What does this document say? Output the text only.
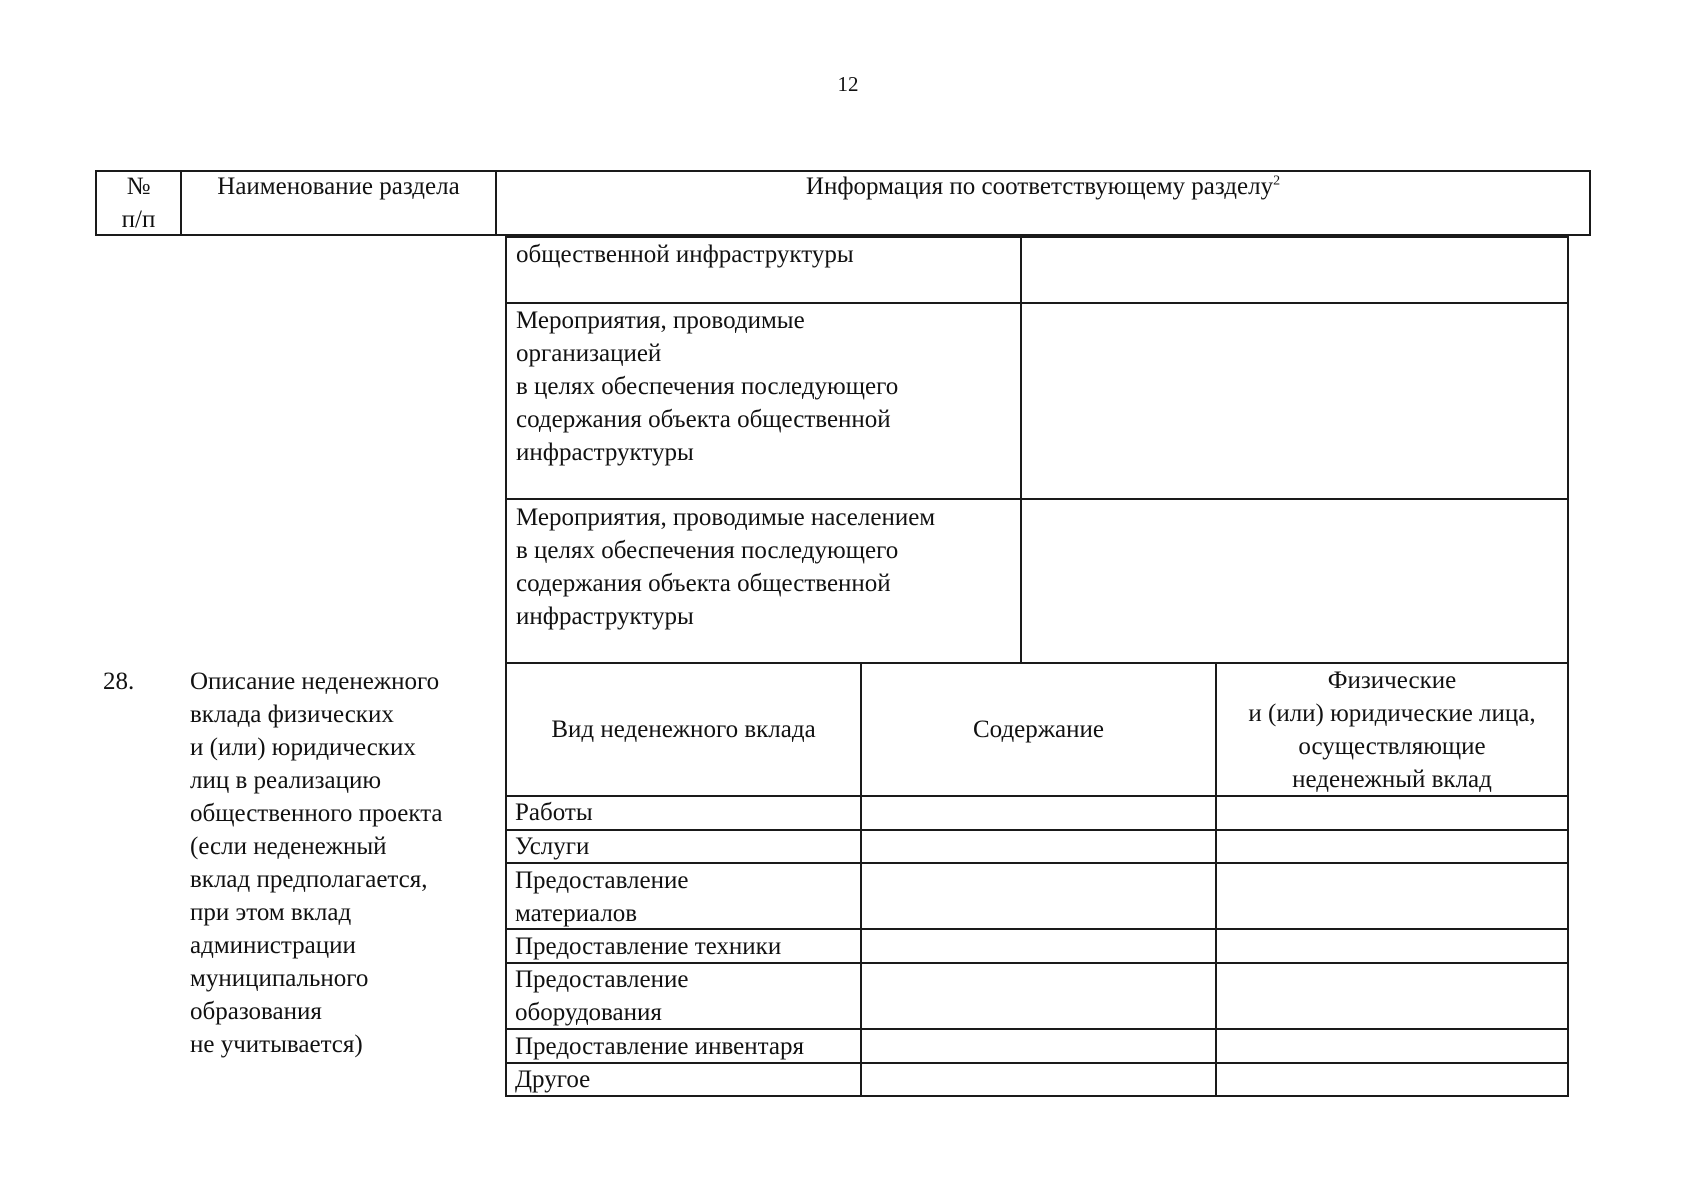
12
№
п/п
Наименование раздела	Информация по соответствующему разделу$^2$
общественной инфраструктуры
Мероприятия, проводимые
организацией
в целях обеспечения последующего
содержания объекта общественной
инфраструктуры
Мероприятия, проводимые населением
в целях обеспечения последующего
содержания объекта общественной
инфраструктуры
28. Описание неденежного
вклада физических
и (или) юридических
лиц в реализацию
общественного проекта
(если неденежный
вклад предполагается,
при этом вклад
администрации
муниципального
образования
не учитывается)
Вид неденежного вклада	Содержание
Физические
и (или) юридические лица,
осуществляющие
неденежный вклад
Работы
Услуги
Предоставление
материалов
Предоставление техники
Предоставление
оборудования
Предоставление инвентаря
Другое
